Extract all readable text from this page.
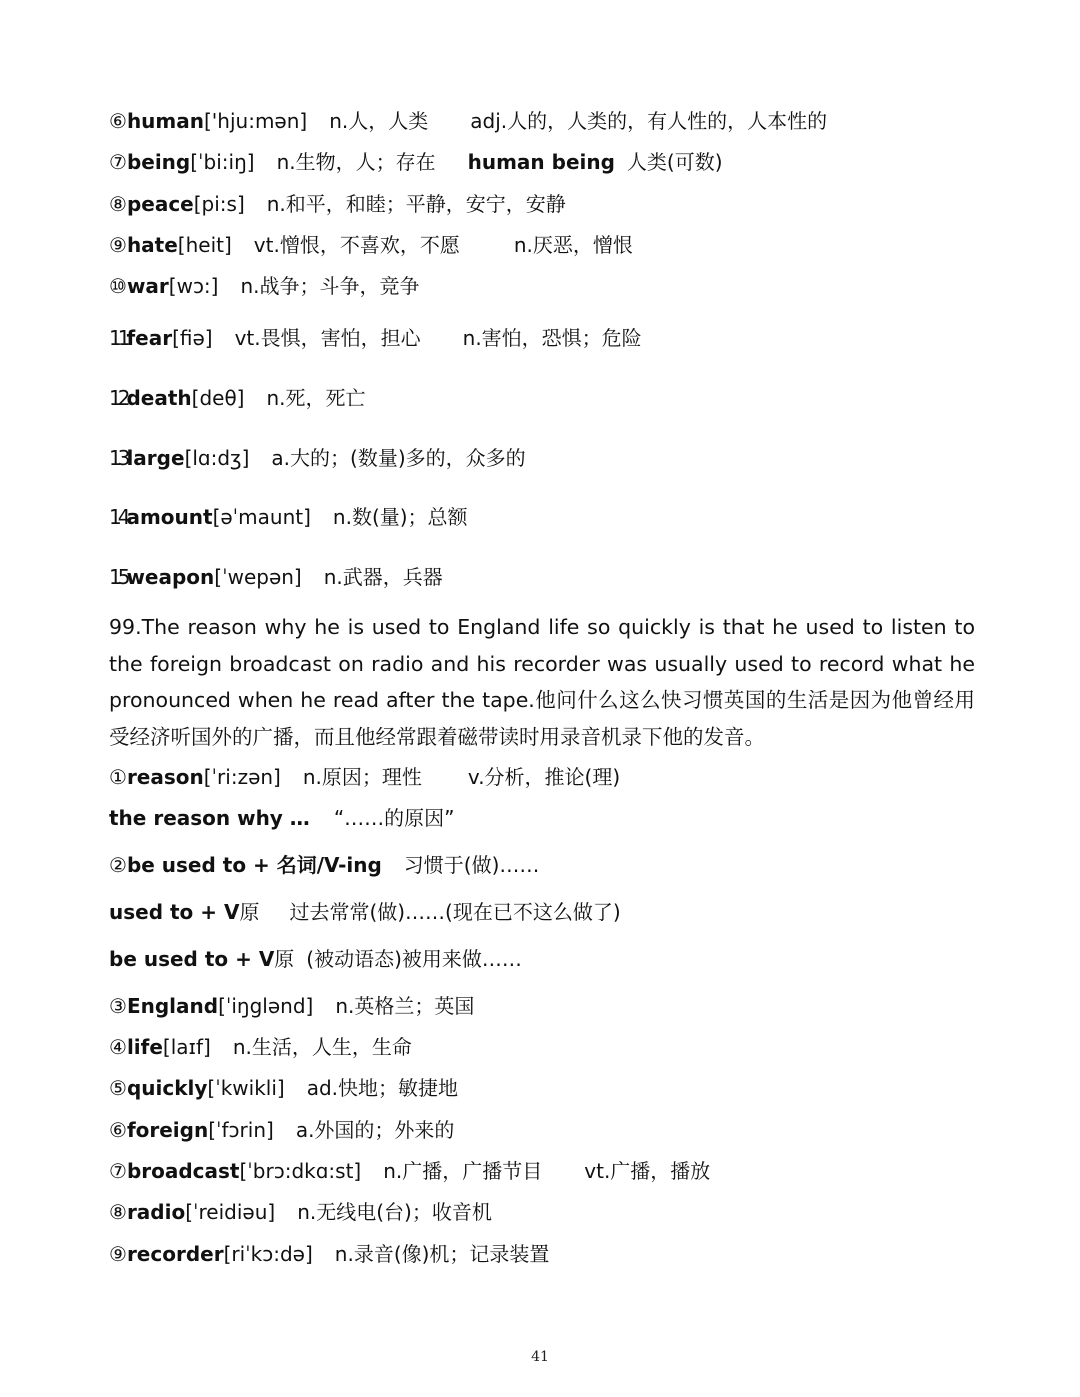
⑥human['hju:mən] n.人，人类 adj.人的，人类的，有人性的，人本性的
⑦being[ˈbi:iŋ] n.生物，人；存在 human being 人类(可数)
⑧peace[pi:s] n.和平，和睦；平静，安宁，安静
⑨hate[heit] vt.憎恨，不喜欢，不愿	n.厌恶，憎恨
⑩war[wɔ:] n.战争；斗争，竞争
11fear[fiə] vt.畏惧，害怕，担心 n.害怕，恐惧；危险
12death[deθ] n.死，死亡
13large[lɑ:dʒ] a.大的；(数量)多的，众多的
14amount[əˈmaunt] n.数(量)；总额
15weapon[ˈwepən] n.武器，兵器
99.The reason why he is used to England life so quickly is that he used to listen to the foreign broadcast on radio and his recorder was usually used to record what he pronounced when he read after the tape.他问什么这么快习惯英国的生活是因为他曾经用受经济听国外的广播，而且他经常跟着磁带读时用录音机录下他的发音。
①reason[ˈri:zən] n.原因；理性 v.分析，推论(理)
the reason why … “……的原因”
②be used to + 名词/V-ing 习惯于(做)……
used to + V原 过去常常(做)……(现在已不这么做了)
be used to + V原 (被动语态)被用来做……
③England[ˈiŋglənd] n.英格兰；英国
④life[laɪf] n.生活，人生，生命
⑤quickly[ˈkwikli] ad.快地；敏捷地
⑥foreign[ˈfɔrin] a.外国的；外来的
⑦broadcast[ˈbrɔ:dkɑ:st] n.广播，广播节目 vt.广播，播放
⑧radio[ˈreidiəu] n.无线电(台)；收音机
⑨recorder[riˈkɔ:də] n.录音(像)机；记录装置
41
